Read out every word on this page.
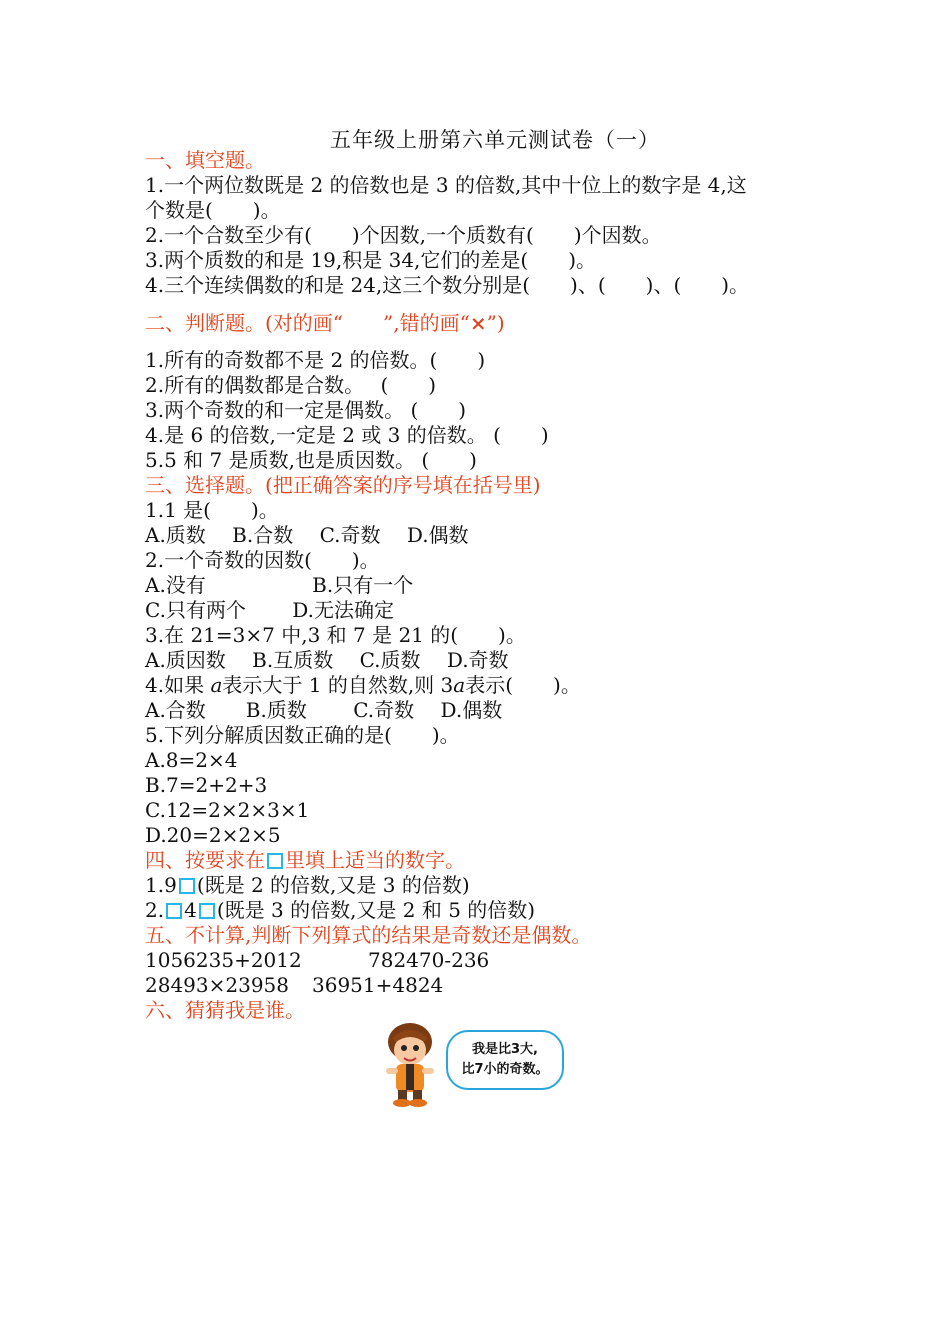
五年级上册第六单元测试卷（一）
一、填空题。
1.一个两位数既是 2 的倍数也是 3 的倍数,其中十位上的数字是 4,这
个数是(　　)。
2.一个合数至少有(　　)个因数,一个质数有(　　)个因数。
3.两个质数的和是 19,积是 34,它们的差是(　　)。
4.三个连续偶数的和是 24,这三个数分别是(　　)、(　　)、(　　)。
二、判断题。(对的画“　　”,错的画“×”)
1.所有的奇数都不是 2 的倍数。(　　)
2.所有的偶数都是合数。　 (　　)
3.两个奇数的和一定是偶数。 (　　)
4.是 6 的倍数,一定是 2 或 3 的倍数。 (　　)
5.5 和 7 是质数,也是质因数。 (　　)
三、选择题。(把正确答案的序号填在括号里)
1.1 是(　　)。
A.质数　 B.合数　 C.奇数　 D.偶数
2.一个奇数的因数(　　)。
A.没有　　　　　 B.只有一个
C.只有两个　　 D.无法确定
3.在 21=3×7 中,3 和 7 是 21 的(　　)。
A.质因数　 B.互质数　 C.质数　 D.奇数
4.如果 a表示大于 1 的自然数,则 3a表示(　　)。
A.合数　　B.质数　　 C.奇数　 D.偶数
5.下列分解质因数正确的是(　　)。
A.8=2×4
B.7=2+2+3
C.12=2×2×3×1
D.20=2×2×5
四、按要求在 里填上适当的数字。
1.9 (既是 2 的倍数,又是 3 的倍数)
2. 4 (既是 3 的倍数,又是 2 和 5 的倍数)
五、不计算,判断下列算式的结果是奇数还是偶数。
1056235+2012	782470-236
28493×23958 36951+4824
六、猜猜我是谁。
我是比3大,
比7小的奇数。
